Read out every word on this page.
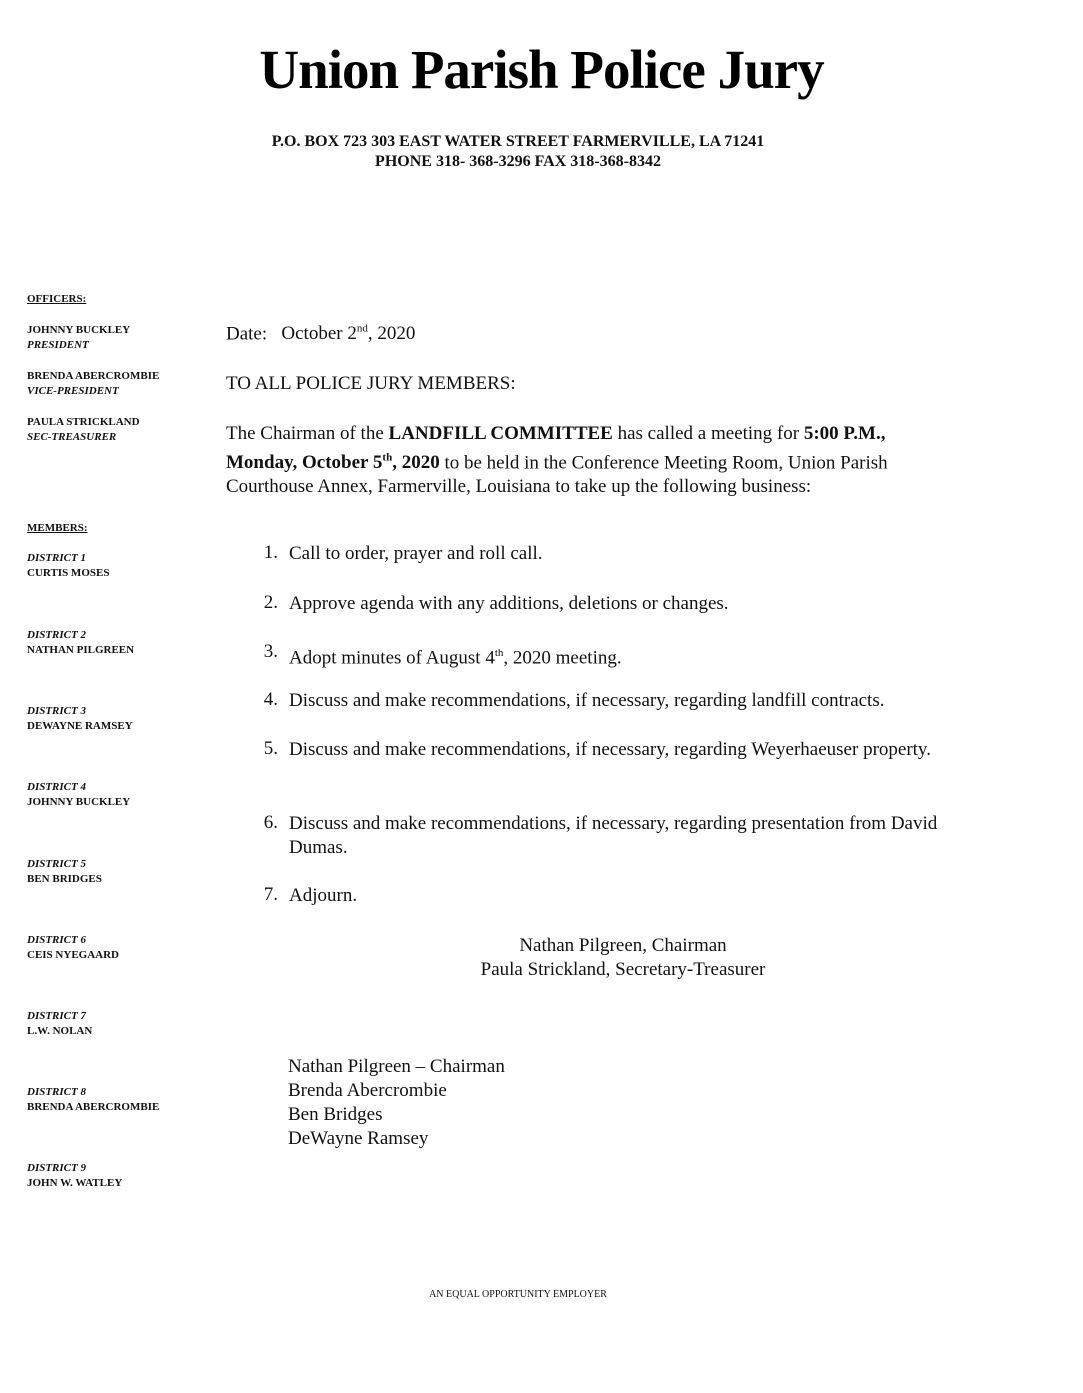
Union Parish Police Jury
P.O. BOX 723 303 EAST WATER STREET FARMERVILLE, LA 71241
PHONE 318- 368-3296 FAX 318-368-8342
OFFICERS:
JOHNNY BUCKLEY
PRESIDENT
BRENDA ABERCROMBIE
VICE-PRESIDENT
PAULA STRICKLAND
SEC-TREASURER
MEMBERS:
DISTRICT 1
CURTIS MOSES
DISTRICT 2
NATHAN PILGREEN
DISTRICT 3
DEWAYNE RAMSEY
DISTRICT 4
JOHNNY BUCKLEY
DISTRICT 5
BEN BRIDGES
DISTRICT 6
CEIS NYEGAARD
DISTRICT 7
L.W. NOLAN
DISTRICT 8
BRENDA ABERCROMBIE
DISTRICT 9
JOHN W. WATLEY
Date: October 2nd, 2020
TO ALL POLICE JURY MEMBERS:
The Chairman of the LANDFILL COMMITTEE has called a meeting for 5:00 P.M., Monday, October 5th, 2020 to be held in the Conference Meeting Room, Union Parish Courthouse Annex, Farmerville, Louisiana to take up the following business:
1. Call to order, prayer and roll call.
2. Approve agenda with any additions, deletions or changes.
3. Adopt minutes of August 4th, 2020 meeting.
4. Discuss and make recommendations, if necessary, regarding landfill contracts.
5. Discuss and make recommendations, if necessary, regarding Weyerhaeuser property.
6. Discuss and make recommendations, if necessary, regarding presentation from David Dumas.
7. Adjourn.
Nathan Pilgreen, Chairman
Paula Strickland, Secretary-Treasurer
Nathan Pilgreen – Chairman
Brenda Abercrombie
Ben Bridges
DeWayne Ramsey
AN EQUAL OPPORTUNITY EMPLOYER
